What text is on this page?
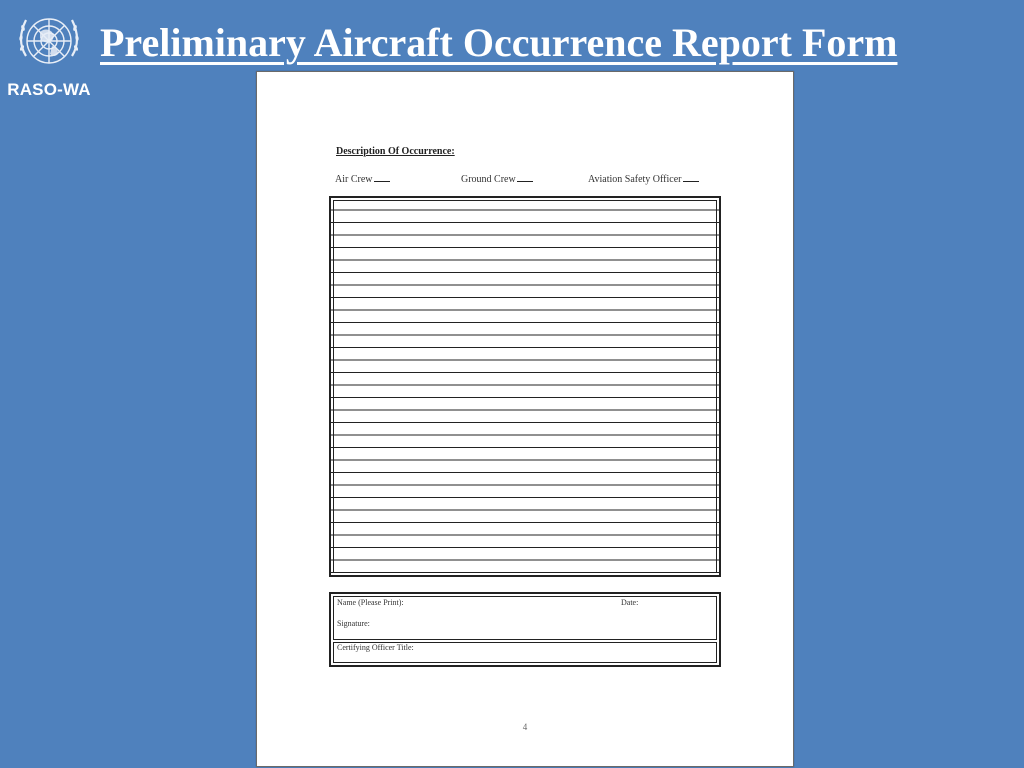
RASO-WA
Preliminary Aircraft Occurrence Report Form
Description Of Occurrence:
Air Crew	Ground Crew	Aviation Safety Officer
Name (Please Print):	Date:
Signature:
Certifying Officer Title:
4
